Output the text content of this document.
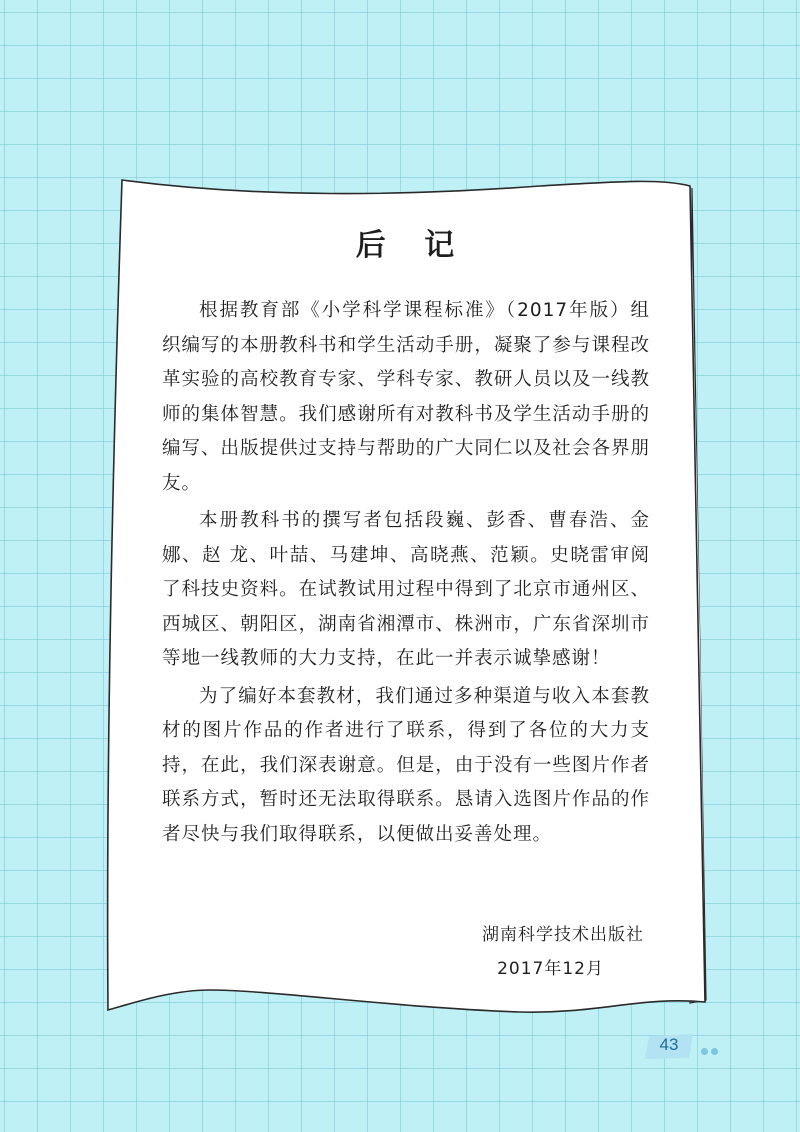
后 记

根据教育部《小学科学课程标准》（2017年版）组织编写的本册教科书和学生活动手册，凝聚了参与课程改革实验的高校教育专家、学科专家、教研人员以及一线教师的集体智慧。我们感谢所有对教科书及学生活动手册的编写、出版提供过支持与帮助的广大同仁以及社会各界朋友。

本册教科书的撰写者包括段巍、彭香、曹春浩、金娜、赵 龙、叶喆、马建坤、高晓燕、范颖。史晓雷审阅了科技史资料。在试教试用过程中得到了北京市通州区、西城区、朝阳区，湖南省湘潭市、株洲市，广东省深圳市等地一线教师的大力支持，在此一并表示诚挚感谢！

为了编好本套教材，我们通过多种渠道与收入本套教材的图片作品的作者进行了联系，得到了各位的大力支持，在此，我们深表谢意。但是，由于没有一些图片作者联系方式，暂时还无法取得联系。恳请入选图片作品的作者尽快与我们取得联系，以便做出妥善处理。

湖南科学技术出版社
2017年12月
43
